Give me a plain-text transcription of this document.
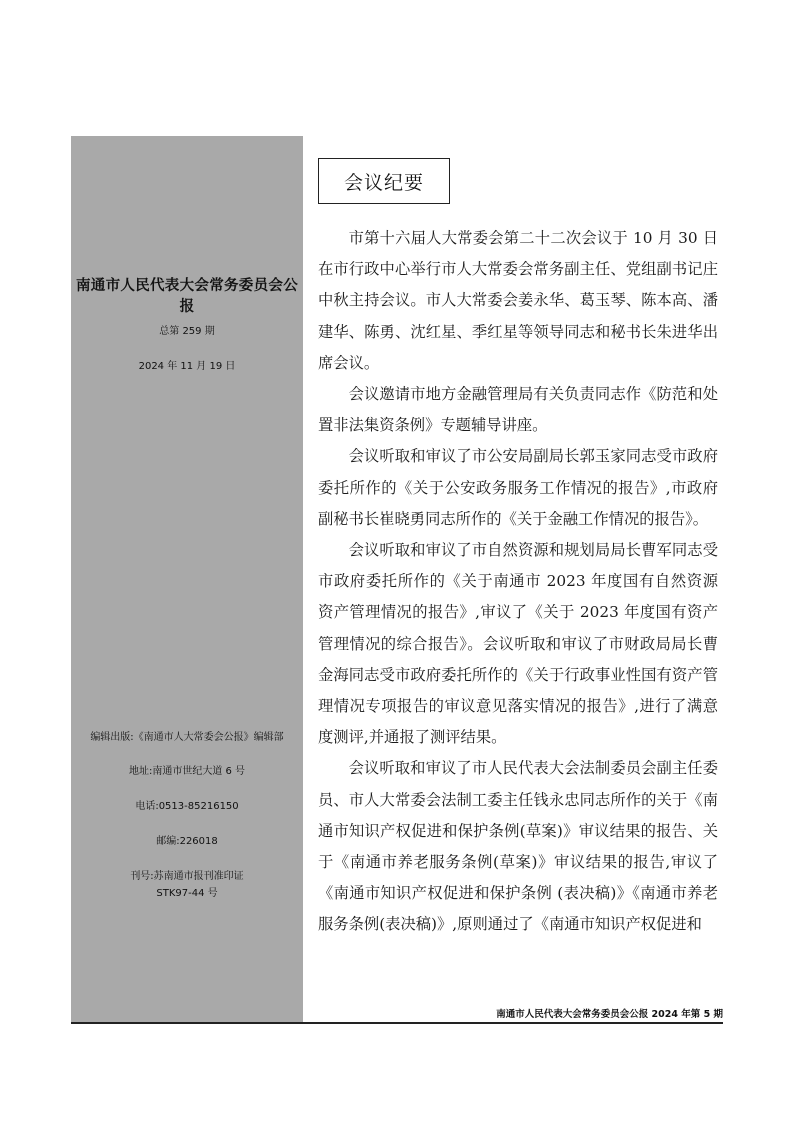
南通市人民代表大会常务委员会公报
总第 259 期
2024 年 11 月 19 日
编辑出版:《南通市人大常委会公报》编辑部
地址:南通市世纪大道 6 号
电话:0513-85216150
邮编:226018
刊号:苏南通市报刊准印证
STK97-44 号
会议纪要

市第十六届人大常委会第二十二次会议于 10 月 30 日在市行政中心举行市人大常委会常务副主任、党组副书记庄中秋主持会议。市人大常委会姜永华、葛玉琴、陈本高、潘建华、陈勇、沈红星、季红星等领导同志和秘书长朱进华出席会议。

会议邀请市地方金融管理局有关负责同志作《防范和处置非法集资条例》专题辅导讲座。

会议听取和审议了市公安局副局长郭玉家同志受市政府委托所作的《关于公安政务服务工作情况的报告》,市政府副秘书长崔晓勇同志所作的《关于金融工作情况的报告》。

会议听取和审议了市自然资源和规划局局长曹军同志受市政府委托所作的《关于南通市 2023 年度国有自然资源资产管理情况的报告》,审议了《关于 2023 年度国有资产管理情况的综合报告》。会议听取和审议了市财政局局长曹金海同志受市政府委托所作的《关于行政事业性国有资产管理情况专项报告的审议意见落实情况的报告》,进行了满意度测评,并通报了测评结果。

会议听取和审议了市人民代表大会法制委员会副主任委员、市人大常委会法制工委主任钱永忠同志所作的关于《南通市知识产权促进和保护条例(草案)》审议结果的报告、关于《南通市养老服务条例(草案)》审议结果的报告,审议了《南通市知识产权促进和保护条例 (表决稿)》《南通市养老服务条例(表决稿)》,原则通过了《南通市知识产权促进和

南通市人民代表大会常务委员会公报 2024 年第 5 期
